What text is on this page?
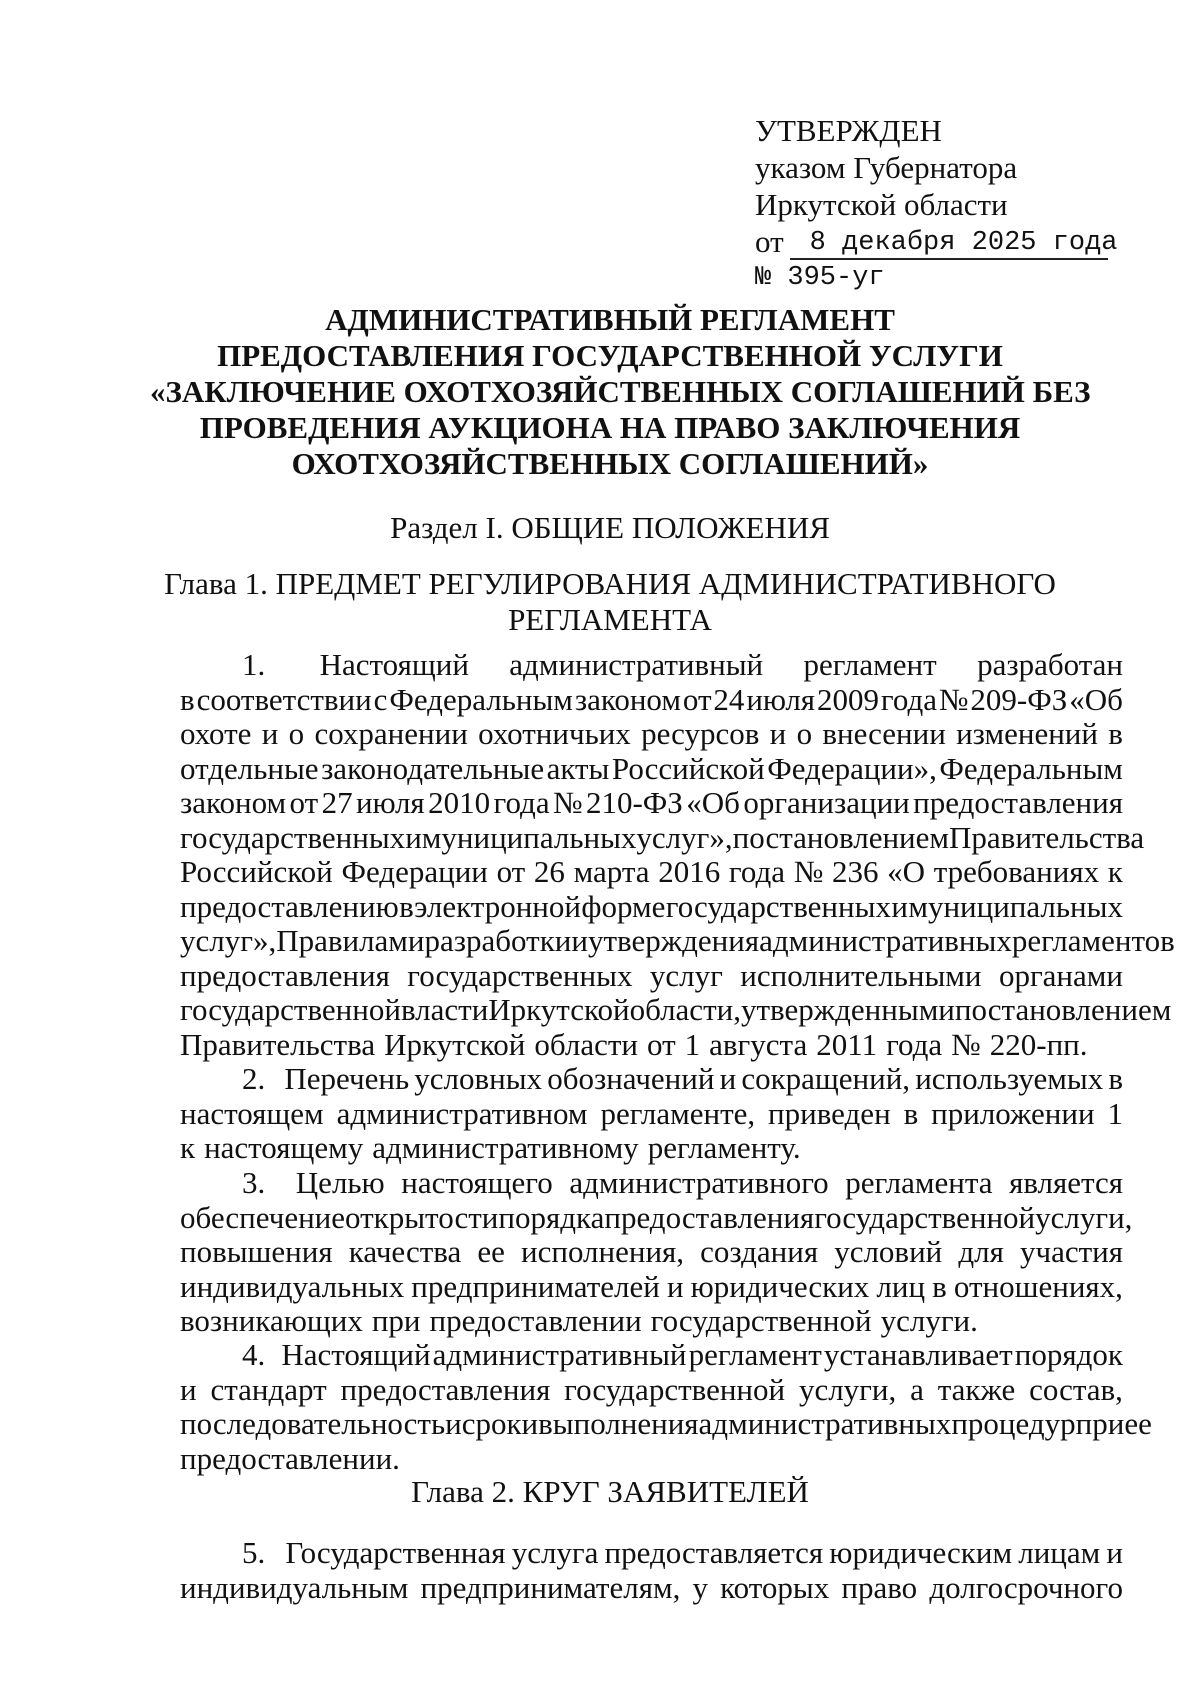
УТВЕРЖДЕН
указом Губернатора
Иркутской области
от 8 декабря 2025 года
№ 395-уг
АДМИНИСТРАТИВНЫЙ РЕГЛАМЕНТ
ПРЕДОСТАВЛЕНИЯ ГОСУДАРСТВЕННОЙ УСЛУГИ
«ЗАКЛЮЧЕНИЕ ОХОТХОЗЯЙСТВЕННЫХ СОГЛАШЕНИЙ БЕЗ
ПРОВЕДЕНИЯ АУКЦИОНА НА ПРАВО ЗАКЛЮЧЕНИЯ
ОХОТХОЗЯЙСТВЕННЫХ СОГЛАШЕНИЙ»
Раздел I. ОБЩИЕ ПОЛОЖЕНИЯ
Глава 1. ПРЕДМЕТ РЕГУЛИРОВАНИЯ АДМИНИСТРАТИВНОГО
РЕГЛАМЕНТА
1. Настоящий административный регламент разработан
в соответствии с Федеральным законом от 24 июля 2009 года № 209-ФЗ «Об
охоте и о сохранении охотничьих ресурсов и о внесении изменений в
отдельные законодательные акты Российской Федерации», Федеральным
законом от 27 июля 2010 года № 210-ФЗ «Об организации предоставления
государственных и муниципальных услуг», постановлением Правительства
Российской Федерации от 26 марта 2016 года № 236 «О требованиях к
предоставлению в электронной форме государственных и муниципальных
услуг», Правилами разработки и утверждения административных регламентов
предоставления государственных услуг исполнительными органами
государственной власти Иркутской области, утвержденными постановлением
Правительства Иркутской области от 1 августа 2011 года № 220-пп.
2. Перечень условных обозначений и сокращений, используемых в
настоящем административном регламенте, приведен в приложении 1
к настоящему административному регламенту.
3. Целью настоящего административного регламента является
обеспечение открытости порядка предоставления государственной услуги,
повышения качества ее исполнения, создания условий для участия
индивидуальных предпринимателей и юридических лиц в отношениях,
возникающих при предоставлении государственной услуги.
4. Настоящий административный регламент устанавливает порядок
и стандарт предоставления государственной услуги, а также состав,
последовательность и сроки выполнения административных процедур при ее
предоставлении.
Глава 2. КРУГ ЗАЯВИТЕЛЕЙ
5. Государственная услуга предоставляется юридическим лицам и
индивидуальным предпринимателям, у которых право долгосрочного
